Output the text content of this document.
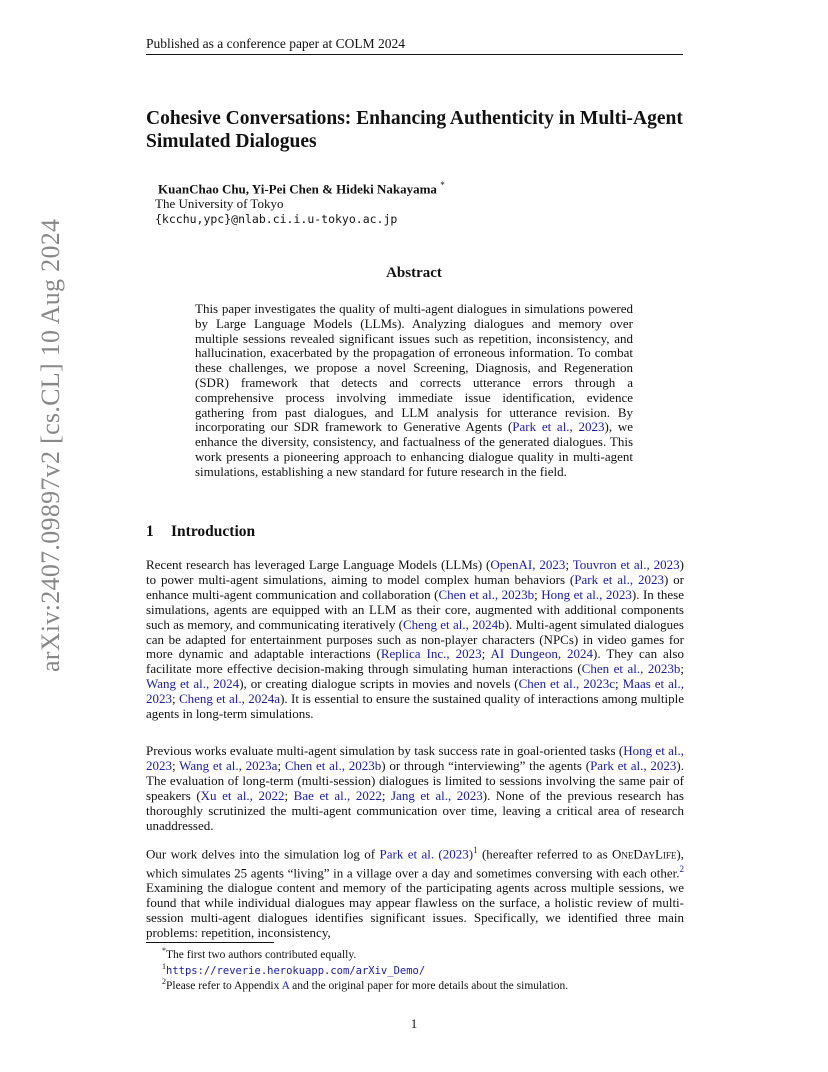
Published as a conference paper at COLM 2024
Cohesive Conversations: Enhancing Authenticity in Multi-Agent Simulated Dialogues
KuanChao Chu, Yi-Pei Chen & Hideki Nakayama *
The University of Tokyo
{kcchu,ypc}@nlab.ci.i.u-tokyo.ac.jp
Abstract
This paper investigates the quality of multi-agent dialogues in simulations powered by Large Language Models (LLMs). Analyzing dialogues and memory over multiple sessions revealed significant issues such as repetition, inconsistency, and hallucination, exacerbated by the propagation of erroneous information. To combat these challenges, we propose a novel Screening, Diagnosis, and Regeneration (SDR) framework that detects and corrects utterance errors through a comprehensive process involving immediate issue identification, evidence gathering from past dialogues, and LLM analysis for utterance revision. By incorporating our SDR framework to Generative Agents (Park et al., 2023), we enhance the diversity, consistency, and factualness of the generated dialogues. This work presents a pioneering approach to enhancing dialogue quality in multi-agent simulations, establishing a new standard for future research in the field.
1 Introduction
Recent research has leveraged Large Language Models (LLMs) (OpenAI, 2023; Touvron et al., 2023) to power multi-agent simulations, aiming to model complex human behaviors (Park et al., 2023) or enhance multi-agent communication and collaboration (Chen et al., 2023b; Hong et al., 2023). In these simulations, agents are equipped with an LLM as their core, augmented with additional components such as memory, and communicating iteratively (Cheng et al., 2024b). Multi-agent simulated dialogues can be adapted for entertainment purposes such as non-player characters (NPCs) in video games for more dynamic and adaptable interactions (Replica Inc., 2023; AI Dungeon, 2024). They can also facilitate more effective decision-making through simulating human interactions (Chen et al., 2023b; Wang et al., 2024), or creating dialogue scripts in movies and novels (Chen et al., 2023c; Maas et al., 2023; Cheng et al., 2024a). It is essential to ensure the sustained quality of interactions among multiple agents in long-term simulations.
Previous works evaluate multi-agent simulation by task success rate in goal-oriented tasks (Hong et al., 2023; Wang et al., 2023a; Chen et al., 2023b) or through “interviewing” the agents (Park et al., 2023). The evaluation of long-term (multi-session) dialogues is limited to sessions involving the same pair of speakers (Xu et al., 2022; Bae et al., 2022; Jang et al., 2023). None of the previous research has thoroughly scrutinized the multi-agent communication over time, leaving a critical area of research unaddressed.
Our work delves into the simulation log of Park et al. (2023)$^1$ (hereafter referred to as OneDayLife), which simulates 25 agents “living” in a village over a day and sometimes conversing with each other.$^2$ Examining the dialogue content and memory of the participating agents across multiple sessions, we found that while individual dialogues may appear flawless on the surface, a holistic review of multi-session multi-agent dialogues identifies significant issues. Specifically, we identified three main problems: repetition, inconsistency,
*The first two authors contributed equally.
$^1$https://reverie.herokuapp.com/arXiv_Demo/
$^2$Please refer to Appendix A and the original paper for more details about the simulation.
1
arXiv:2407.09897v2 [cs.CL] 10 Aug 2024
